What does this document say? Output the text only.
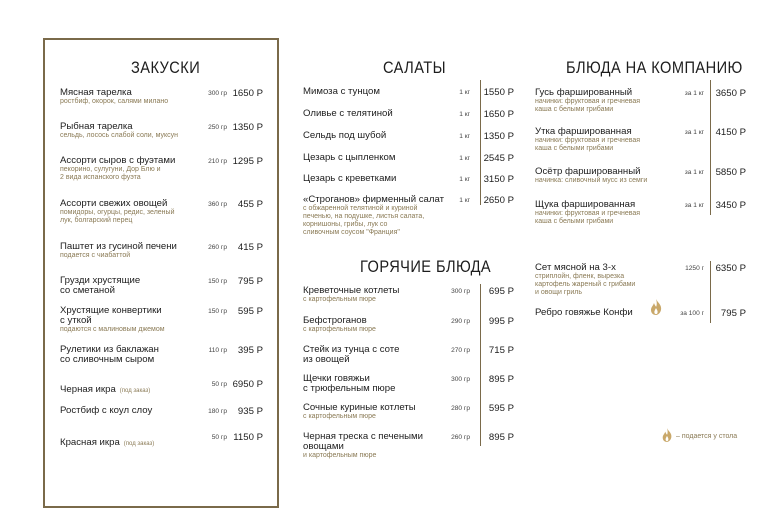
ЗАКУСКИ	САЛАТЫ
ГОРЯЧИЕ БЛЮДА
БЛЮДА НА КОМПАНИЮ
Мясная тарелка
ростбиф, окорок, салями милано
300 гр 1650 Р
Рыбная тарелка
сельдь, лосось слабой соли, муксун
250 гр 1350 Р
Ассорти сыров с фуэтами
пекорино, сулугуни, Дор Блю и
2 вида испанского фуэта
210 гр 1295 Р
Ассорти свежих овощей
помидоры, огурцы, редис, зеленый
лук, болгарский перец
360 гр 455 Р
Паштет из гусиной печени
подается с чиабаттой
260 гр 415 Р
Грузди хрустящие
со сметаной
150 гр 795 Р
Хрустящие конвертики
с уткой
подаются с малиновым джемом
150 гр 595 Р
Рулетики из баклажан
со сливочным сыром
110 гр 395 Р
Черная икра (под заказ)
50 гр 6950 Р
Ростбиф с коул слоу	180 гр 935 Р
Красная икра (под заказ)
50 гр 1150 Р
Мимоза с тунцом	1 кг 1550 Р
Оливье с телятиной	1 кг 1650 Р
Сельдь под шубой	1 кг 1350 Р
Цезарь с цыпленком	1 кг 2545 Р
Цезарь с креветками	1 кг 3150 Р
«Строганов» фирменный салат
с обжаренной телятиной и куриной
печенью, на подушке, листья салата,
корнишоны, грибы, лук со
сливочным соусом "Франция"
1 кг 2650 Р
Креветочные котлеты
с картофельным пюре
300 гр 695 Р
Бефстроганов
с картофельным пюре
290 гр 995 Р
Стейк из тунца с соте
из овощей
270 гр 715 Р
Щечки говяжьи
с трюфельным пюре
300 гр 895 Р
Сочные куриные котлеты
с картофельным пюре
280 гр 595 Р
Черная треска с печеными
овощами
и картофельным пюре
260 гр 895 Р
Гусь фаршированный
начинки: фруктовая и гречневая
каша с белыми грибами
за 1 кг 3650 Р
Утка фаршированная
начинки: фруктовая и гречневая
каша с белыми грибами
за 1 кг 4150 Р
Осётр фаршированный
начинка: сливочный мусс из семги
за 1 кг 5850 Р
Щука фаршированная
начинки: фруктовая и гречневая
каша с белыми грибами
за 1 кг 3450 Р
Сет мясной на 3-х
стриплойн, фленк, вырезка
картофель жареный с грибами
и овощи гриль
1250 г 6350 Р
Ребро говяжье Конфи	за 100 г 795 Р
– подается у стола
